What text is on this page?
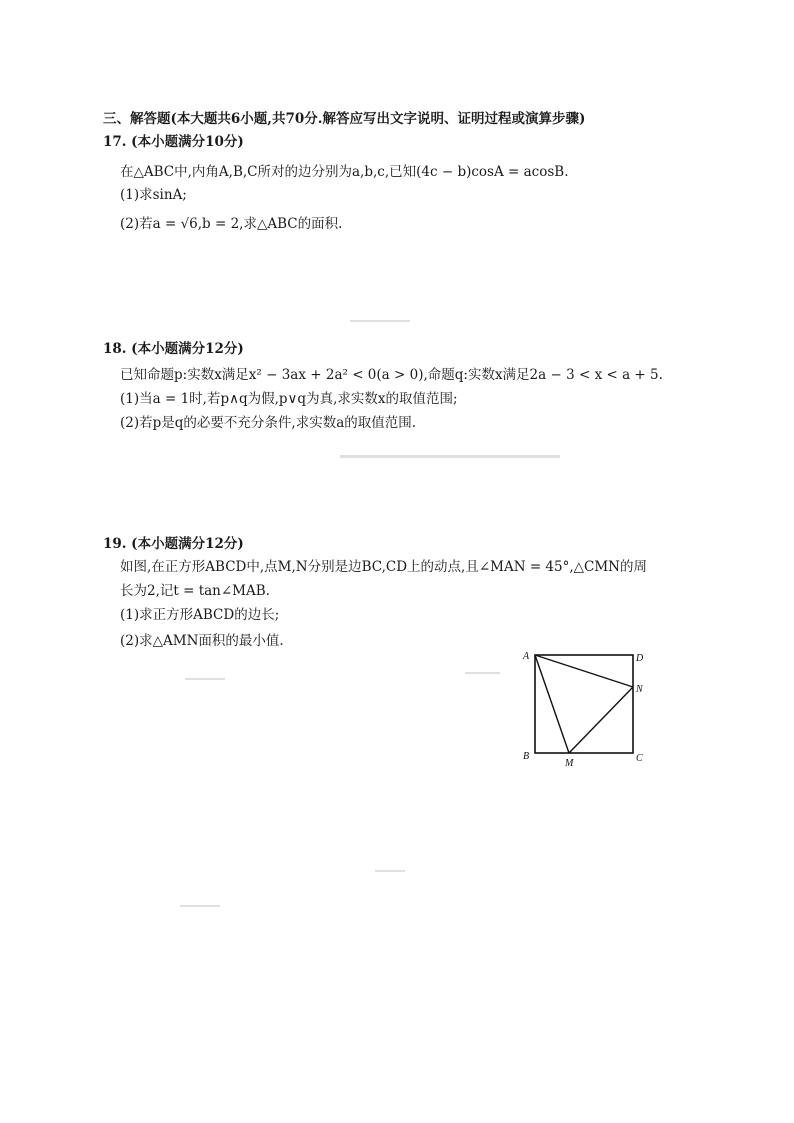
三、解答题(本大题共6小题,共70分.解答应写出文字说明、证明过程或演算步骤)
17. (本小题满分10分)
在△ABC中,内角A,B,C所对的边分别为a,b,c,已知(4c − b)cosA = acosB.
(1)求sinA;
(2)若a = √6,b = 2,求△ABC的面积.
18. (本小题满分12分)
已知命题p:实数x满足x² − 3ax + 2a² < 0(a > 0),命题q:实数x满足2a − 3 < x < a + 5.
(1)当a = 1时,若p∧q为假,p∨q为真,求实数x的取值范围;
(2)若p是q的必要不充分条件,求实数a的取值范围.
19. (本小题满分12分)
如图,在正方形ABCD中,点M,N分别是边BC,CD上的动点,且∠MAN = 45°,△CMN的周
长为2,记t = tan∠MAB.
(1)求正方形ABCD的边长;
(2)求△AMN面积的最小值.
A	D
N
B	C
M
